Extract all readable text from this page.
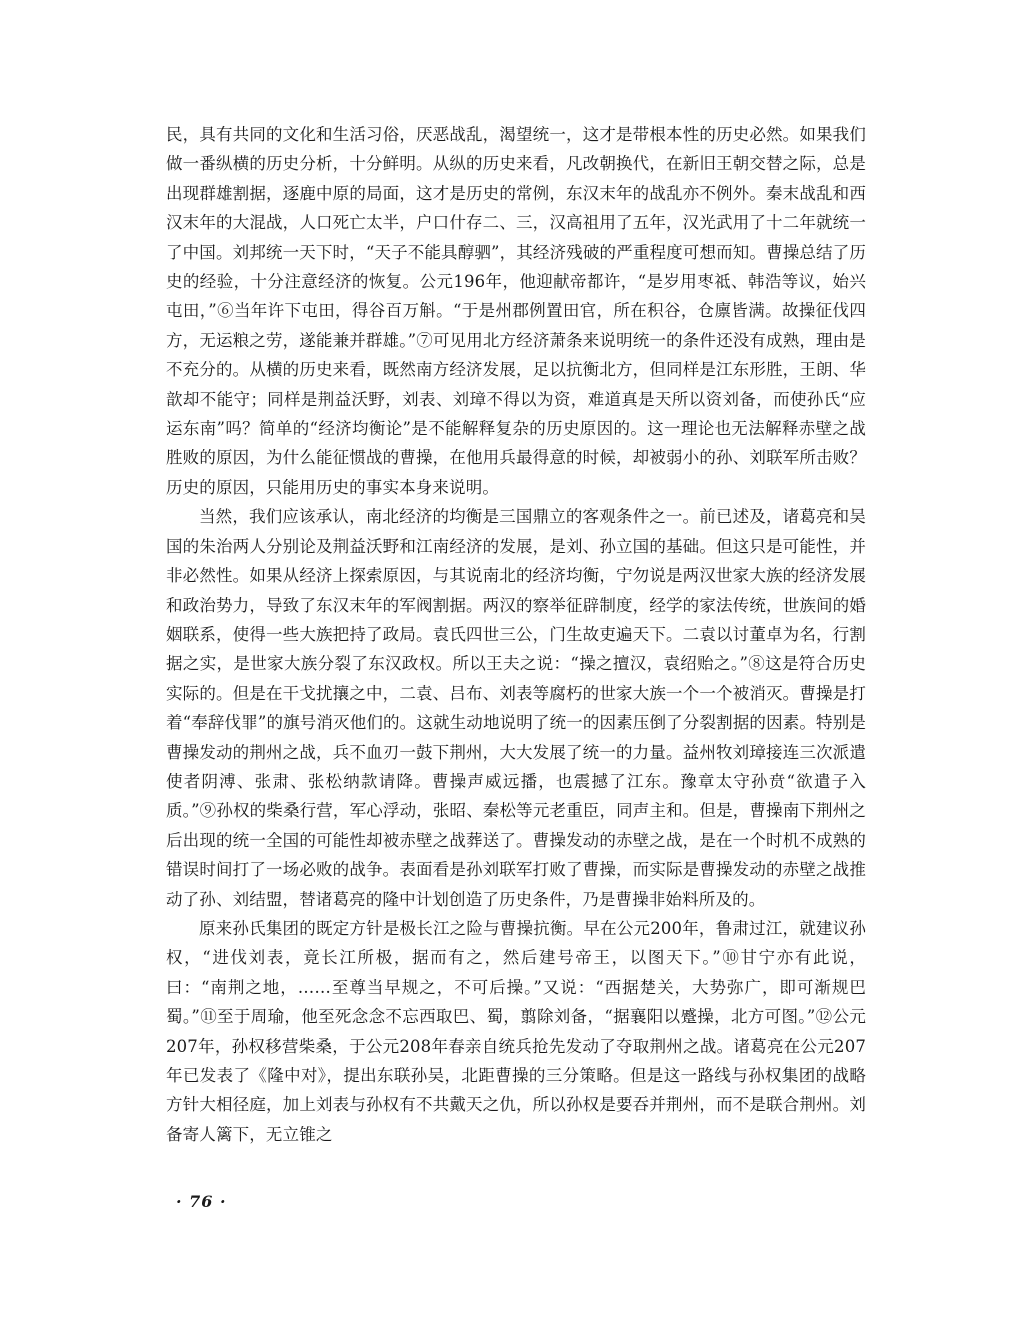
民，具有共同的文化和生活习俗，厌恶战乱，渴望统一，这才是带根本性的历史必然。如果我们做一番纵横的历史分析，十分鲜明。从纵的历史来看，凡改朝换代，在新旧王朝交替之际，总是出现群雄割据，逐鹿中原的局面，这才是历史的常例，东汉末年的战乱亦不例外。秦末战乱和西汉末年的大混战，人口死亡太半，户口什存二、三，汉高祖用了五年，汉光武用了十二年就统一了中国。刘邦统一天下时，“天子不能具醇驷”，其经济残破的严重程度可想而知。曹操总结了历史的经验，十分注意经济的恢复。公元196年，他迎献帝都许，“是岁用枣祗、韩浩等议，始兴屯田，”⑥当年许下屯田，得谷百万斛。“于是州郡例置田官，所在积谷，仓廪皆满。故操征伐四方，无运粮之劳，遂能兼并群雄。”⑦可见用北方经济萧条来说明统一的条件还没有成熟，理由是不充分的。从横的历史来看，既然南方经济发展，足以抗衡北方，但同样是江东形胜，王朗、华歆却不能守；同样是荆益沃野，刘表、刘璋不得以为资，难道真是天所以资刘备，而使孙氏“应运东南”吗？简单的“经济均衡论”是不能解释复杂的历史原因的。这一理论也无法解释赤壁之战胜败的原因，为什么能征惯战的曹操，在他用兵最得意的时候，却被弱小的孙、刘联军所击败？历史的原因，只能用历史的事实本身来说明。

当然，我们应该承认，南北经济的均衡是三国鼎立的客观条件之一。前已述及，诸葛亮和吴国的朱治两人分别论及荆益沃野和江南经济的发展，是刘、孙立国的基础。但这只是可能性，并非必然性。如果从经济上探索原因，与其说南北的经济均衡，宁勿说是两汉世家大族的经济发展和政治势力，导致了东汉末年的军阀割据。两汉的察举征辟制度，经学的家法传统，世族间的婚姻联系，使得一些大族把持了政局。袁氏四世三公，门生故吏遍天下。二袁以讨董卓为名，行割据之实，是世家大族分裂了东汉政权。所以王夫之说：“操之擅汉，袁绍贻之。”⑧这是符合历史实际的。但是在干戈扰攘之中，二袁、吕布、刘表等腐朽的世家大族一个一个被消灭。曹操是打着“奉辞伐罪”的旗号消灭他们的。这就生动地说明了统一的因素压倒了分裂割据的因素。特别是曹操发动的荆州之战，兵不血刃一鼓下荆州，大大发展了统一的力量。益州牧刘璋接连三次派遣使者阴溥、张肃、张松纳款请降。曹操声威远播，也震撼了江东。豫章太守孙贲“欲遣子入质。”⑨孙权的柴桑行营，军心浮动，张昭、秦松等元老重臣，同声主和。但是，曹操南下荆州之后出现的统一全国的可能性却被赤壁之战葬送了。曹操发动的赤壁之战，是在一个时机不成熟的错误时间打了一场必败的战争。表面看是孙刘联军打败了曹操，而实际是曹操发动的赤壁之战推动了孙、刘结盟，替诸葛亮的隆中计划创造了历史条件，乃是曹操非始料所及的。

原来孙氏集团的既定方针是极长江之险与曹操抗衡。早在公元200年，鲁肃过江，就建议孙权，“进伐刘表，竟长江所极，据而有之，然后建号帝王，以图天下。”⑩甘宁亦有此说，曰：“南荆之地，……至尊当早规之，不可后操。”又说：“西据楚关，大势弥广，即可渐规巴蜀。”⑪至于周瑜，他至死念念不忘西取巴、蜀，翦除刘备，“据襄阳以蹙操，北方可图。”⑫公元207年，孙权移营柴桑，于公元208年春亲自统兵抢先发动了夺取荆州之战。诸葛亮在公元207年已发表了《隆中对》，提出东联孙吴，北距曹操的三分策略。但是这一路线与孙权集团的战略方针大相径庭，加上刘表与孙权有不共戴天之仇，所以孙权是要吞并荆州，而不是联合荆州。刘备寄人篱下，无立锥之

· 76 ·
